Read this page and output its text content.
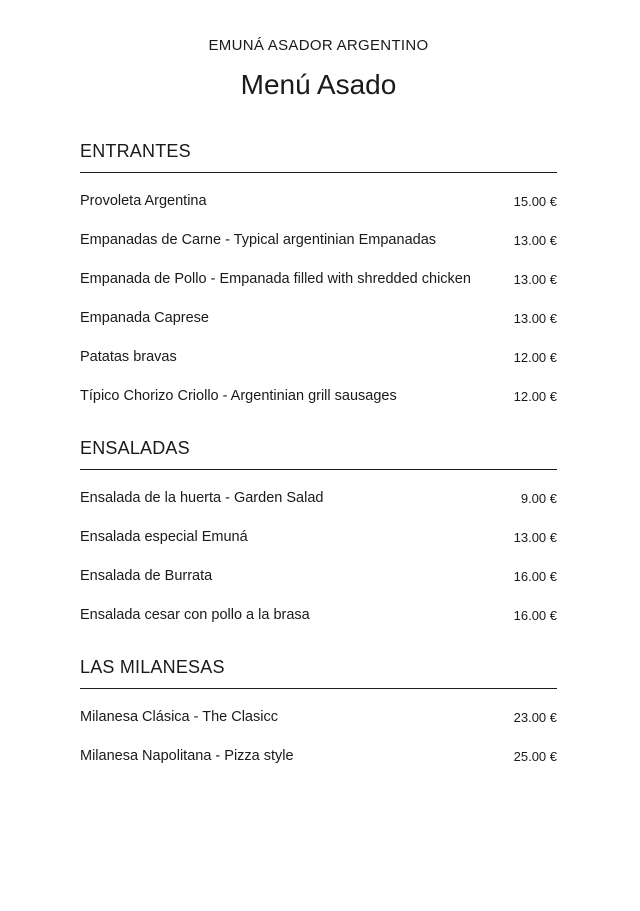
EMUNÁ ASADOR ARGENTINO
Menú Asado
ENTRANTES
Provoleta Argentina	15.00 €
Empanadas de Carne - Typical argentinian Empanadas	13.00 €
Empanada de Pollo - Empanada filled with shredded chicken	13.00 €
Empanada Caprese	13.00 €
Patatas bravas	12.00 €
Típico Chorizo Criollo - Argentinian grill sausages	12.00 €
ENSALADAS
Ensalada de la huerta - Garden Salad	9.00 €
Ensalada especial Emuná	13.00 €
Ensalada de Burrata	16.00 €
Ensalada cesar con pollo a la brasa	16.00 €
LAS MILANESAS
Milanesa Clásica - The Clasicc	23.00 €
Milanesa Napolitana - Pizza style	25.00 €
